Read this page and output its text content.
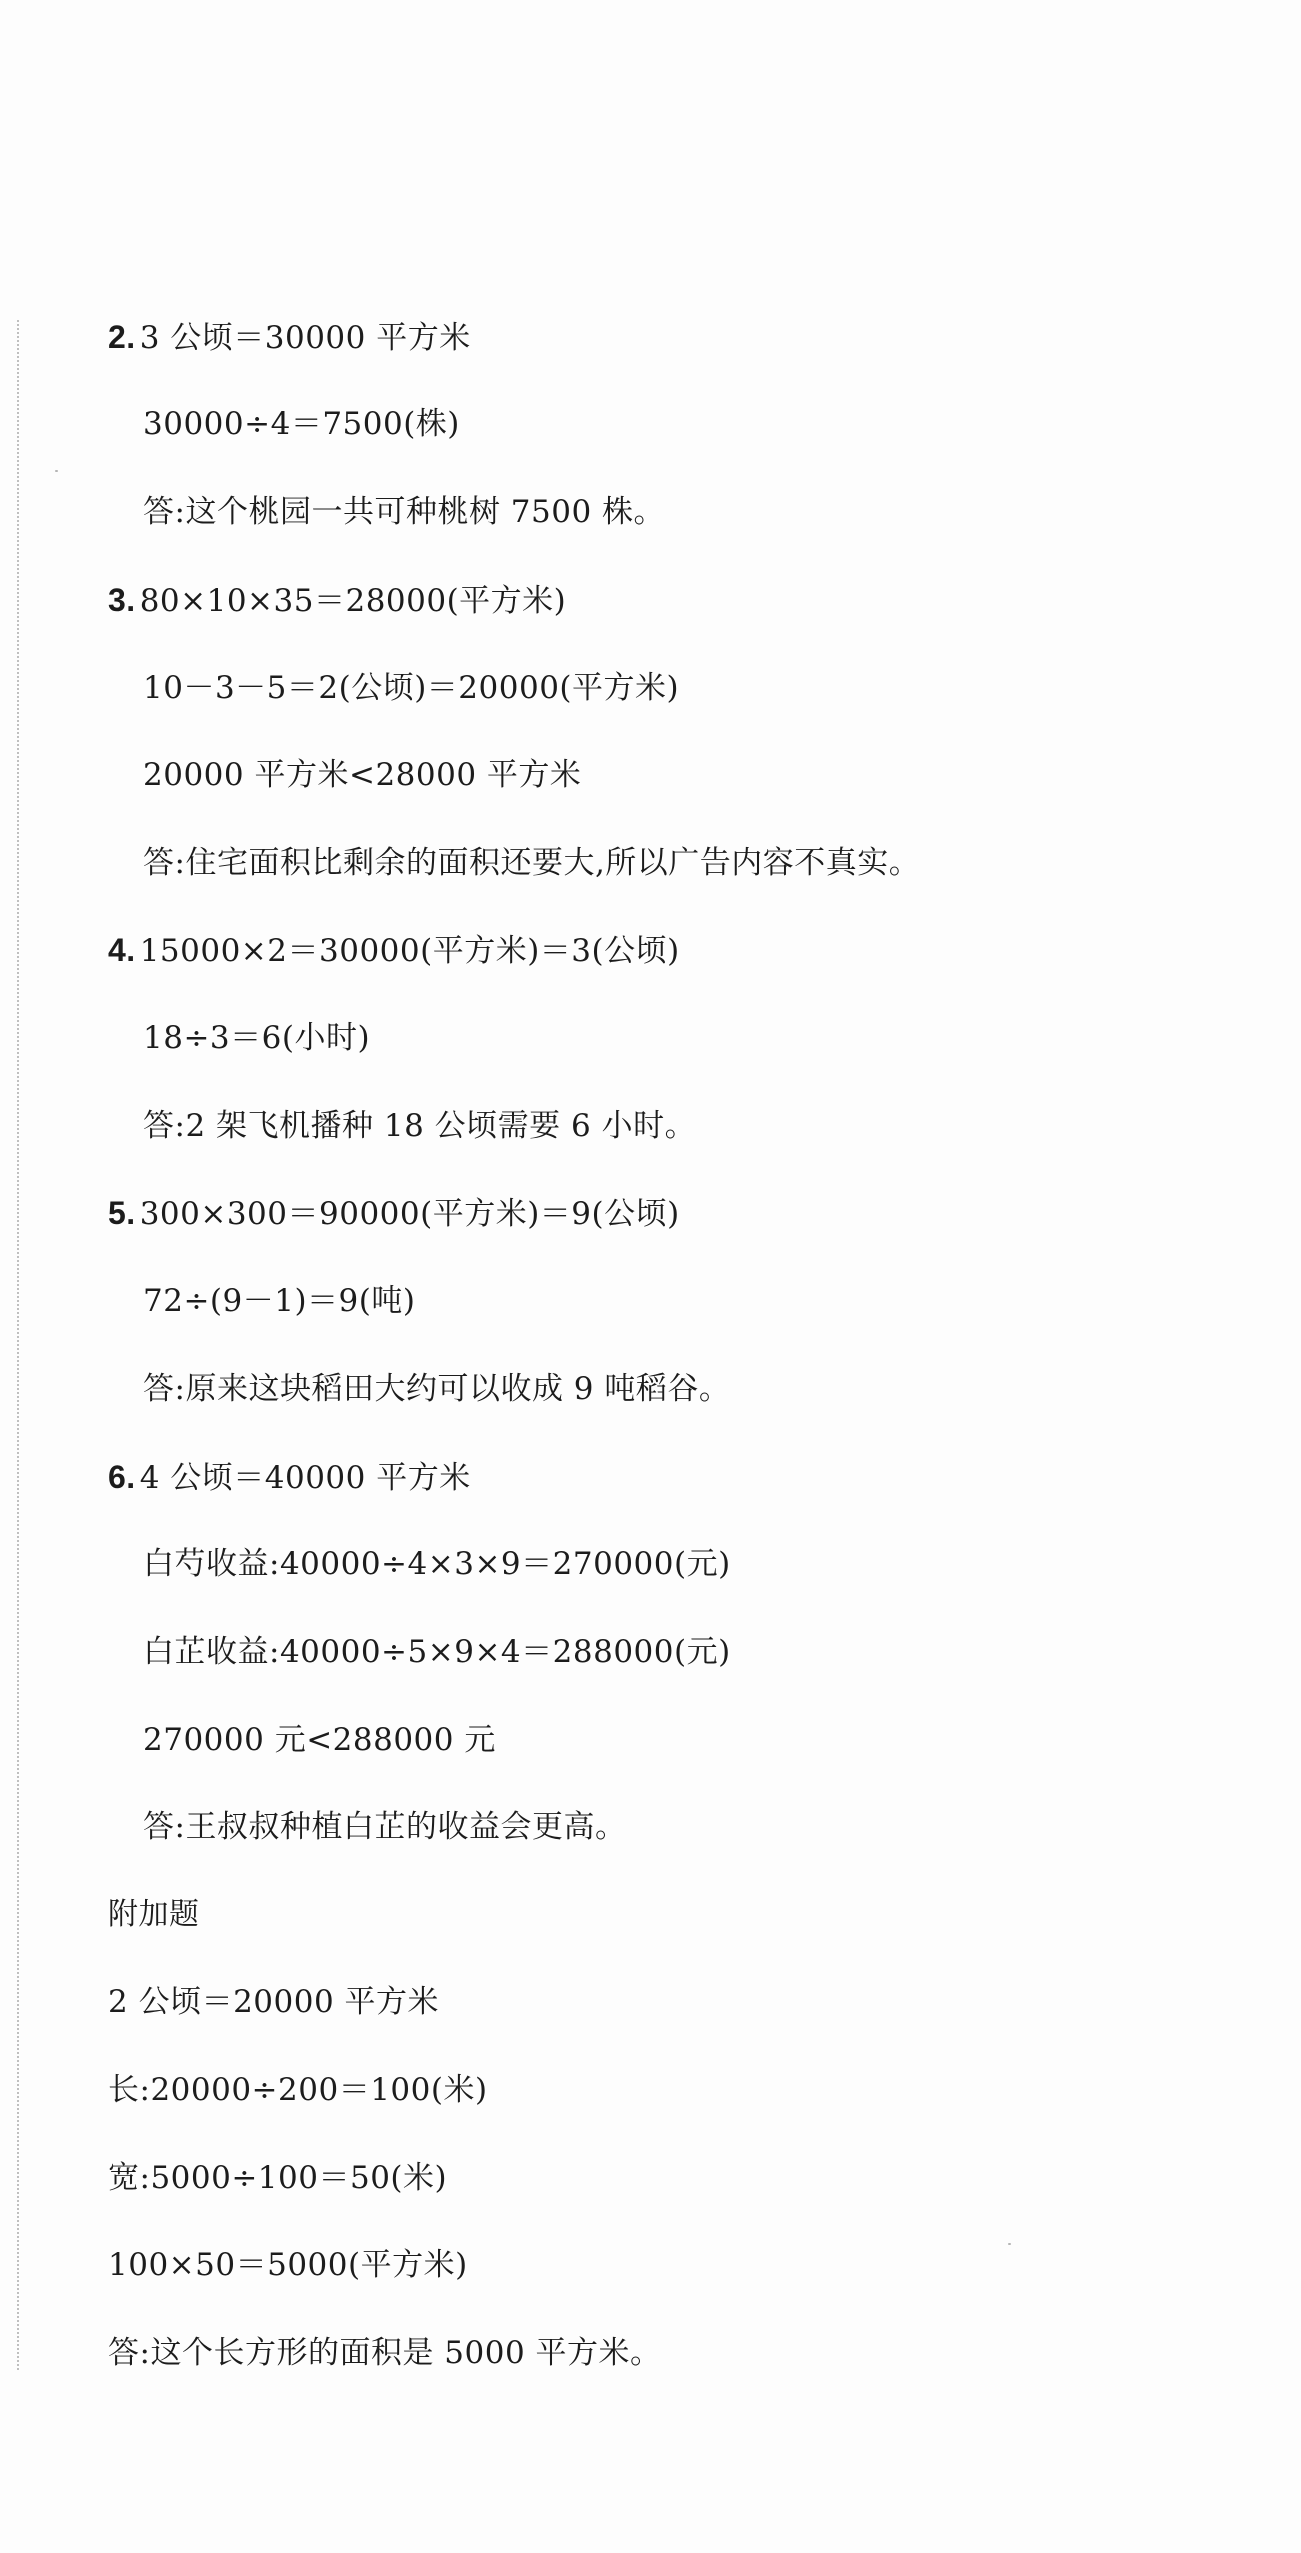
2. 3 公顷＝30000 平方米
30000÷4＝7500(株)
答:这个桃园一共可种桃树 7500 株。
3. 80×10×35＝28000(平方米)
10－3－5＝2(公顷)＝20000(平方米)
20000 平方米<28000 平方米
答:住宅面积比剩余的面积还要大,所以广告内容不真实。
4. 15000×2＝30000(平方米)＝3(公顷)
18÷3＝6(小时)
答:2 架飞机播种 18 公顷需要 6 小时。
5. 300×300＝90000(平方米)＝9(公顷)
72÷(9－1)＝9(吨)
答:原来这块稻田大约可以收成 9 吨稻谷。
6. 4 公顷＝40000 平方米
白芍收益:40000÷4×3×9＝270000(元)
白芷收益:40000÷5×9×4＝288000(元)
270000 元<288000 元
答:王叔叔种植白芷的收益会更高。
附加题
2 公顷＝20000 平方米
长:20000÷200＝100(米)
宽:5000÷100＝50(米)
100×50＝5000(平方米)
答:这个长方形的面积是 5000 平方米。
